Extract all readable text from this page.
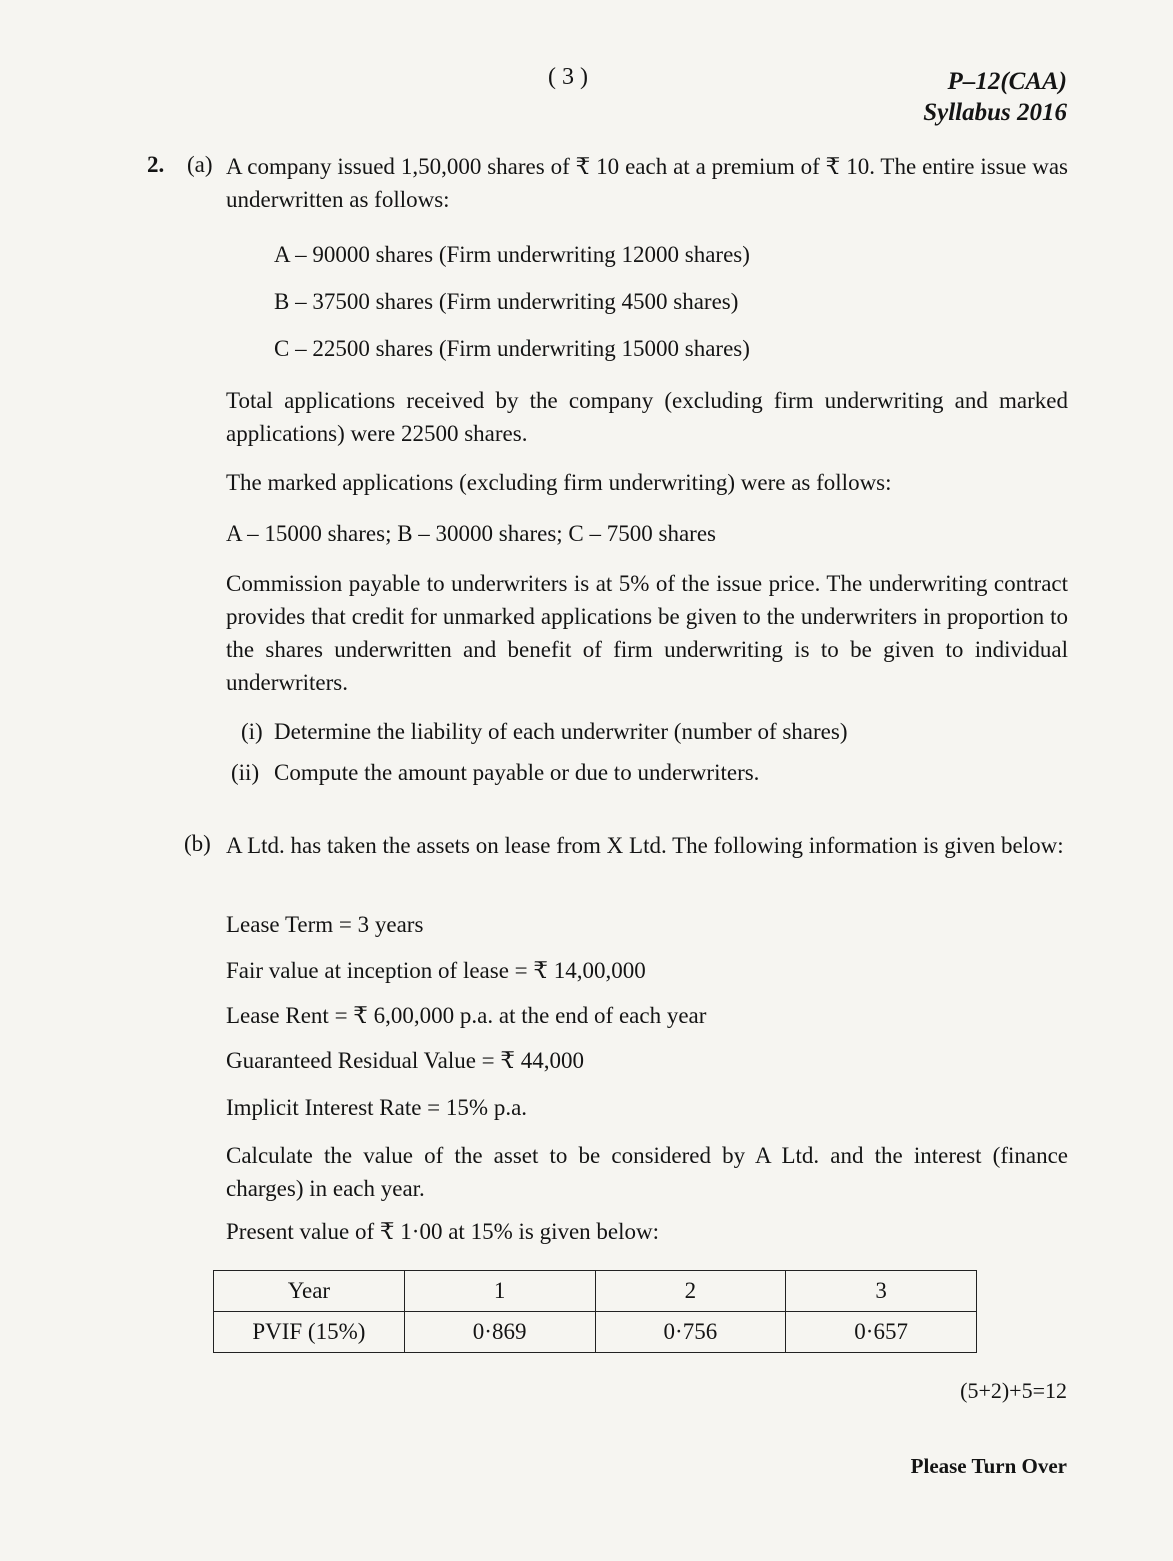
( 3 )	P–12(CAA)
Syllabus 2016
2. (a) A company issued 1,50,000 shares of ₹ 10 each at a premium of ₹ 10. The entire issue was underwritten as follows:
A – 90000 shares (Firm underwriting 12000 shares)
B – 37500 shares (Firm underwriting 4500 shares)
C – 22500 shares (Firm underwriting 15000 shares)
Total applications received by the company (excluding firm underwriting and marked applications) were 22500 shares.
The marked applications (excluding firm underwriting) were as follows:
A – 15000 shares; B – 30000 shares; C – 7500 shares
Commission payable to underwriters is at 5% of the issue price. The underwriting contract provides that credit for unmarked applications be given to the underwriters in proportion to the shares underwritten and benefit of firm underwriting is to be given to individual underwriters.
(i) Determine the liability of each underwriter (number of shares)
(ii) Compute the amount payable or due to underwriters.
(b) A Ltd. has taken the assets on lease from X Ltd. The following information is given below:
Lease Term = 3 years
Fair value at inception of lease = ₹ 14,00,000
Lease Rent = ₹ 6,00,000 p.a. at the end of each year
Guaranteed Residual Value = ₹ 44,000
Implicit Interest Rate = 15% p.a.
Calculate the value of the asset to be considered by A Ltd. and the interest (finance charges) in each year.
Present value of ₹ 1·00 at 15% is given below:
Year	1	2	3
PVIF (15%)	0·869	0·756	0·657
(5+2)+5=12
Please Turn Over
